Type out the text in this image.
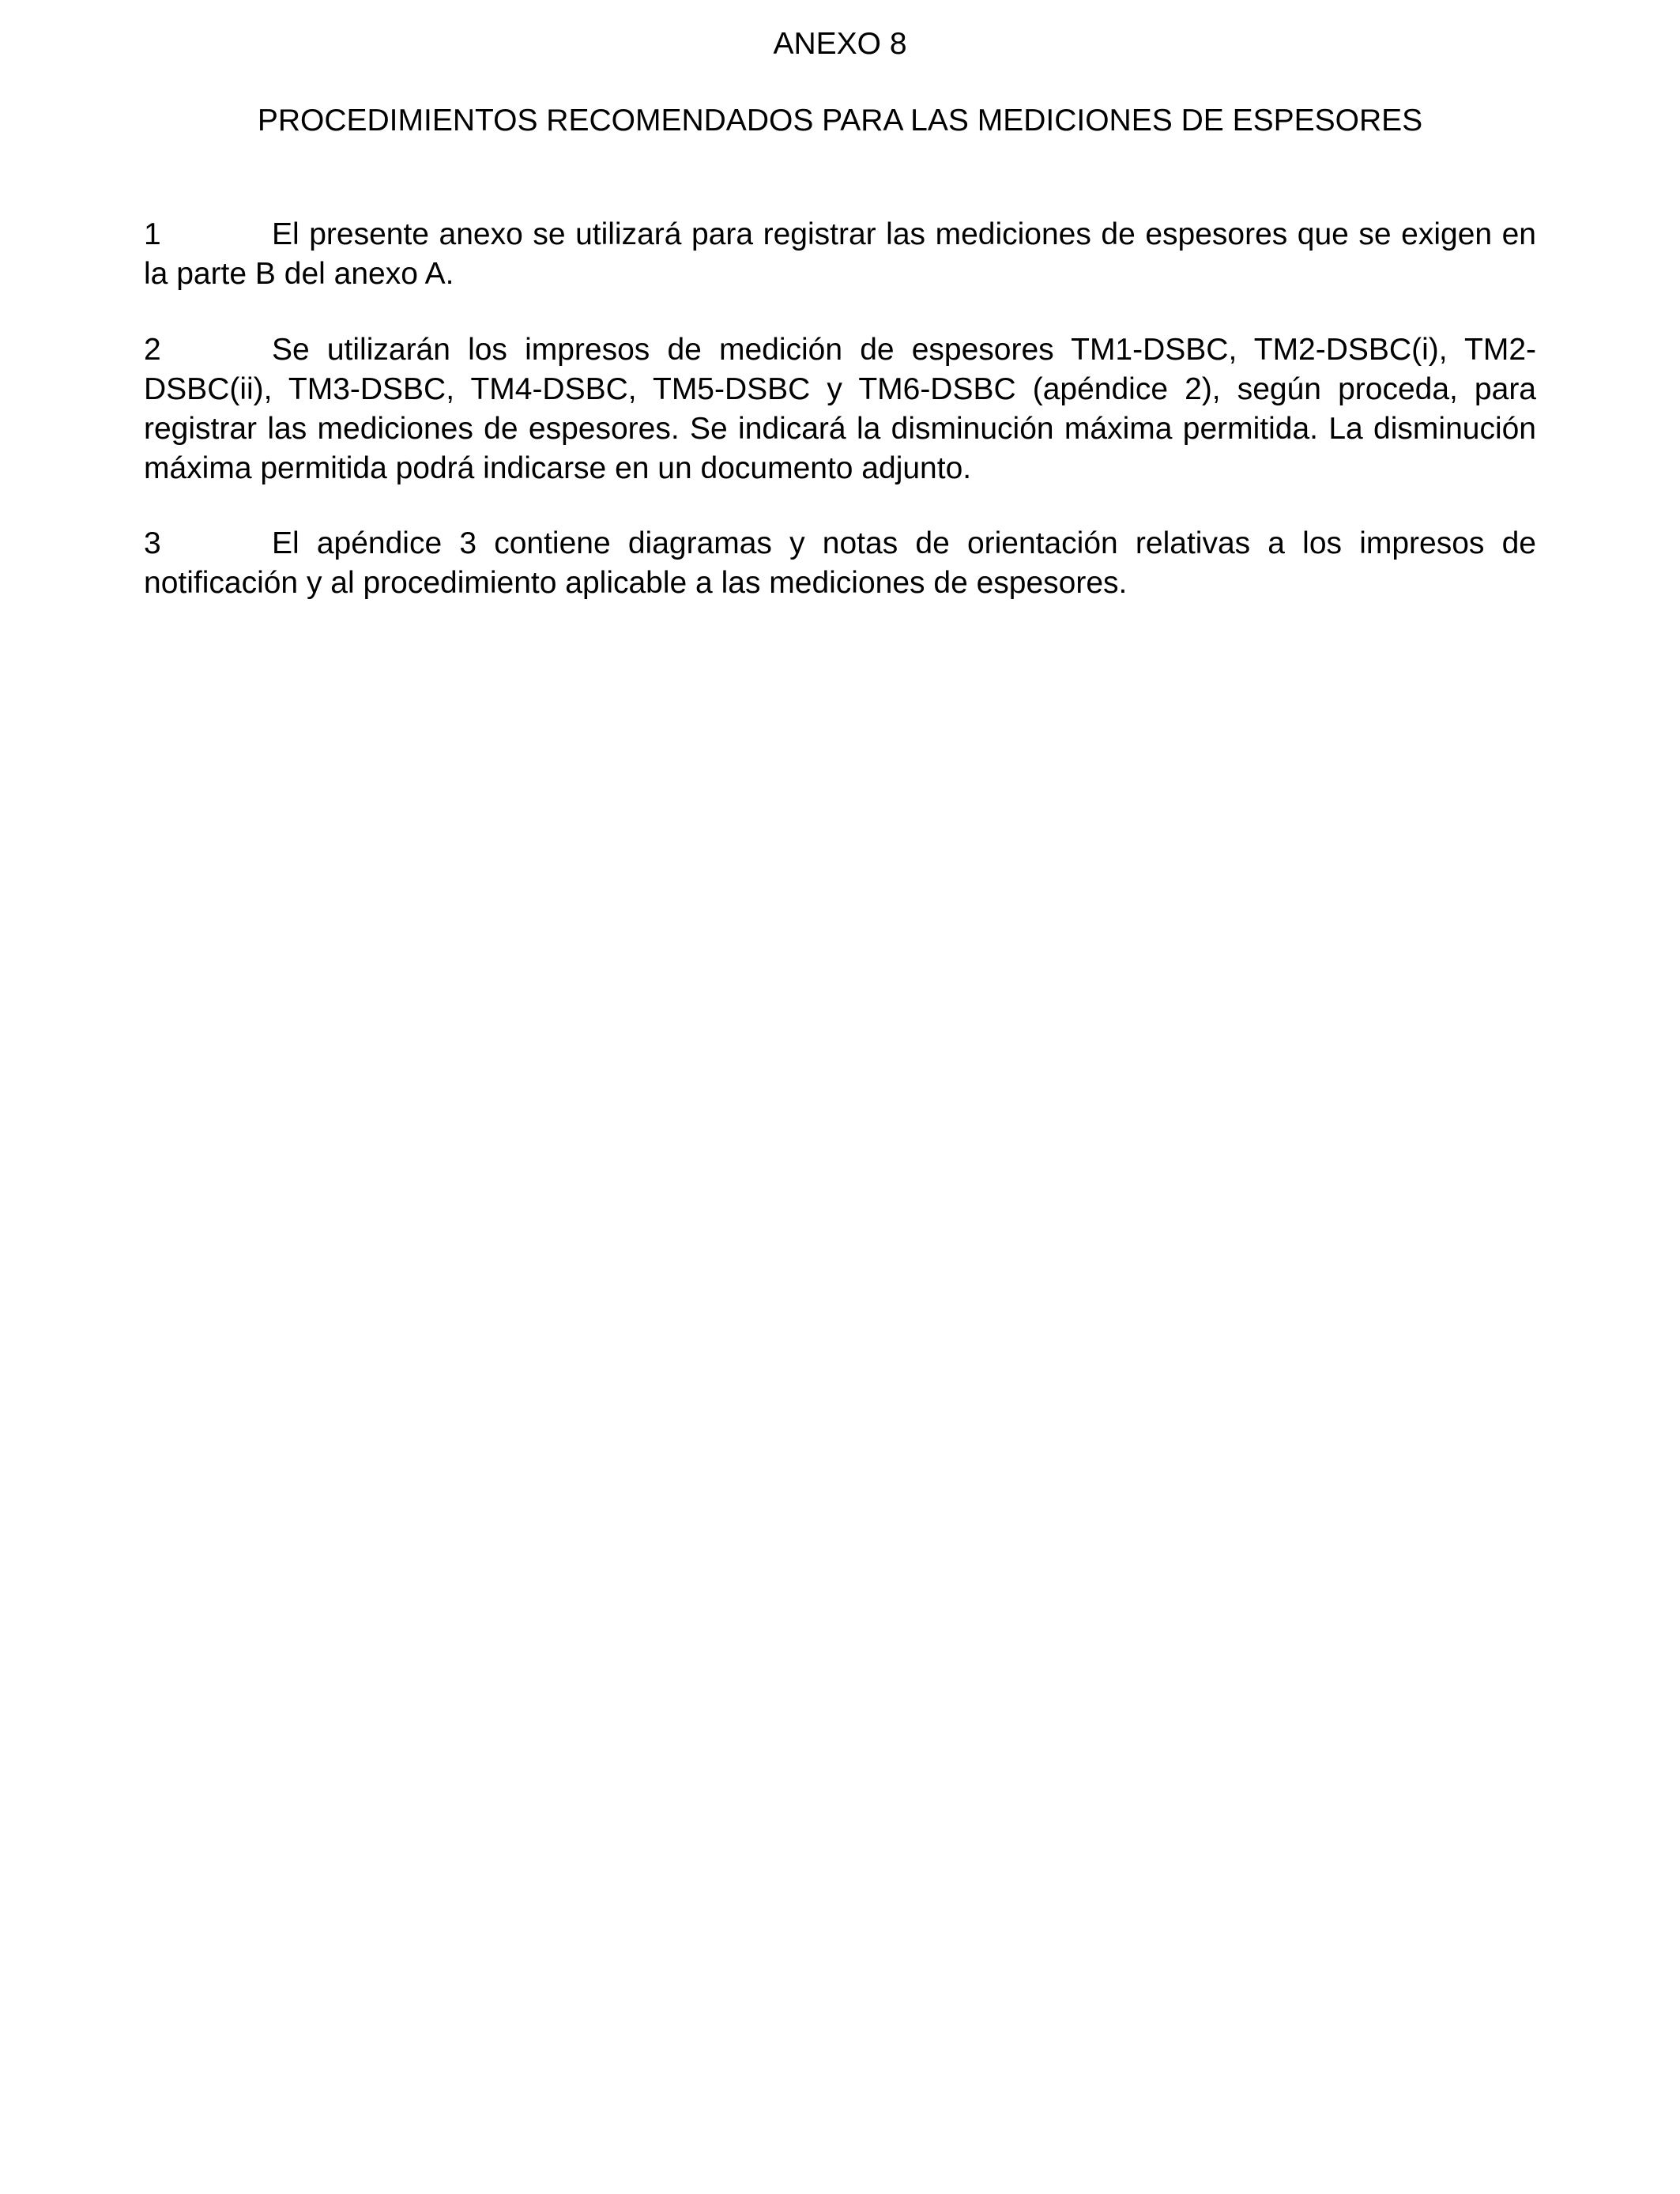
ANEXO 8
PROCEDIMIENTOS RECOMENDADOS PARA LAS MEDICIONES DE ESPESORES

1	El presente anexo se utilizará para registrar las mediciones de espesores que se exigen en la parte B del anexo A.

2	Se utilizarán los impresos de medición de espesores TM1-DSBC, TM2-DSBC(i), TM2-DSBC(ii), TM3-DSBC, TM4-DSBC, TM5-DSBC y TM6-DSBC (apéndice 2), según proceda, para registrar las mediciones de espesores. Se indicará la disminución máxima permitida. La disminución máxima permitida podrá indicarse en un documento adjunto.

3	El apéndice 3 contiene diagramas y notas de orientación relativas a los impresos de notificación y al procedimiento aplicable a las mediciones de espesores.
